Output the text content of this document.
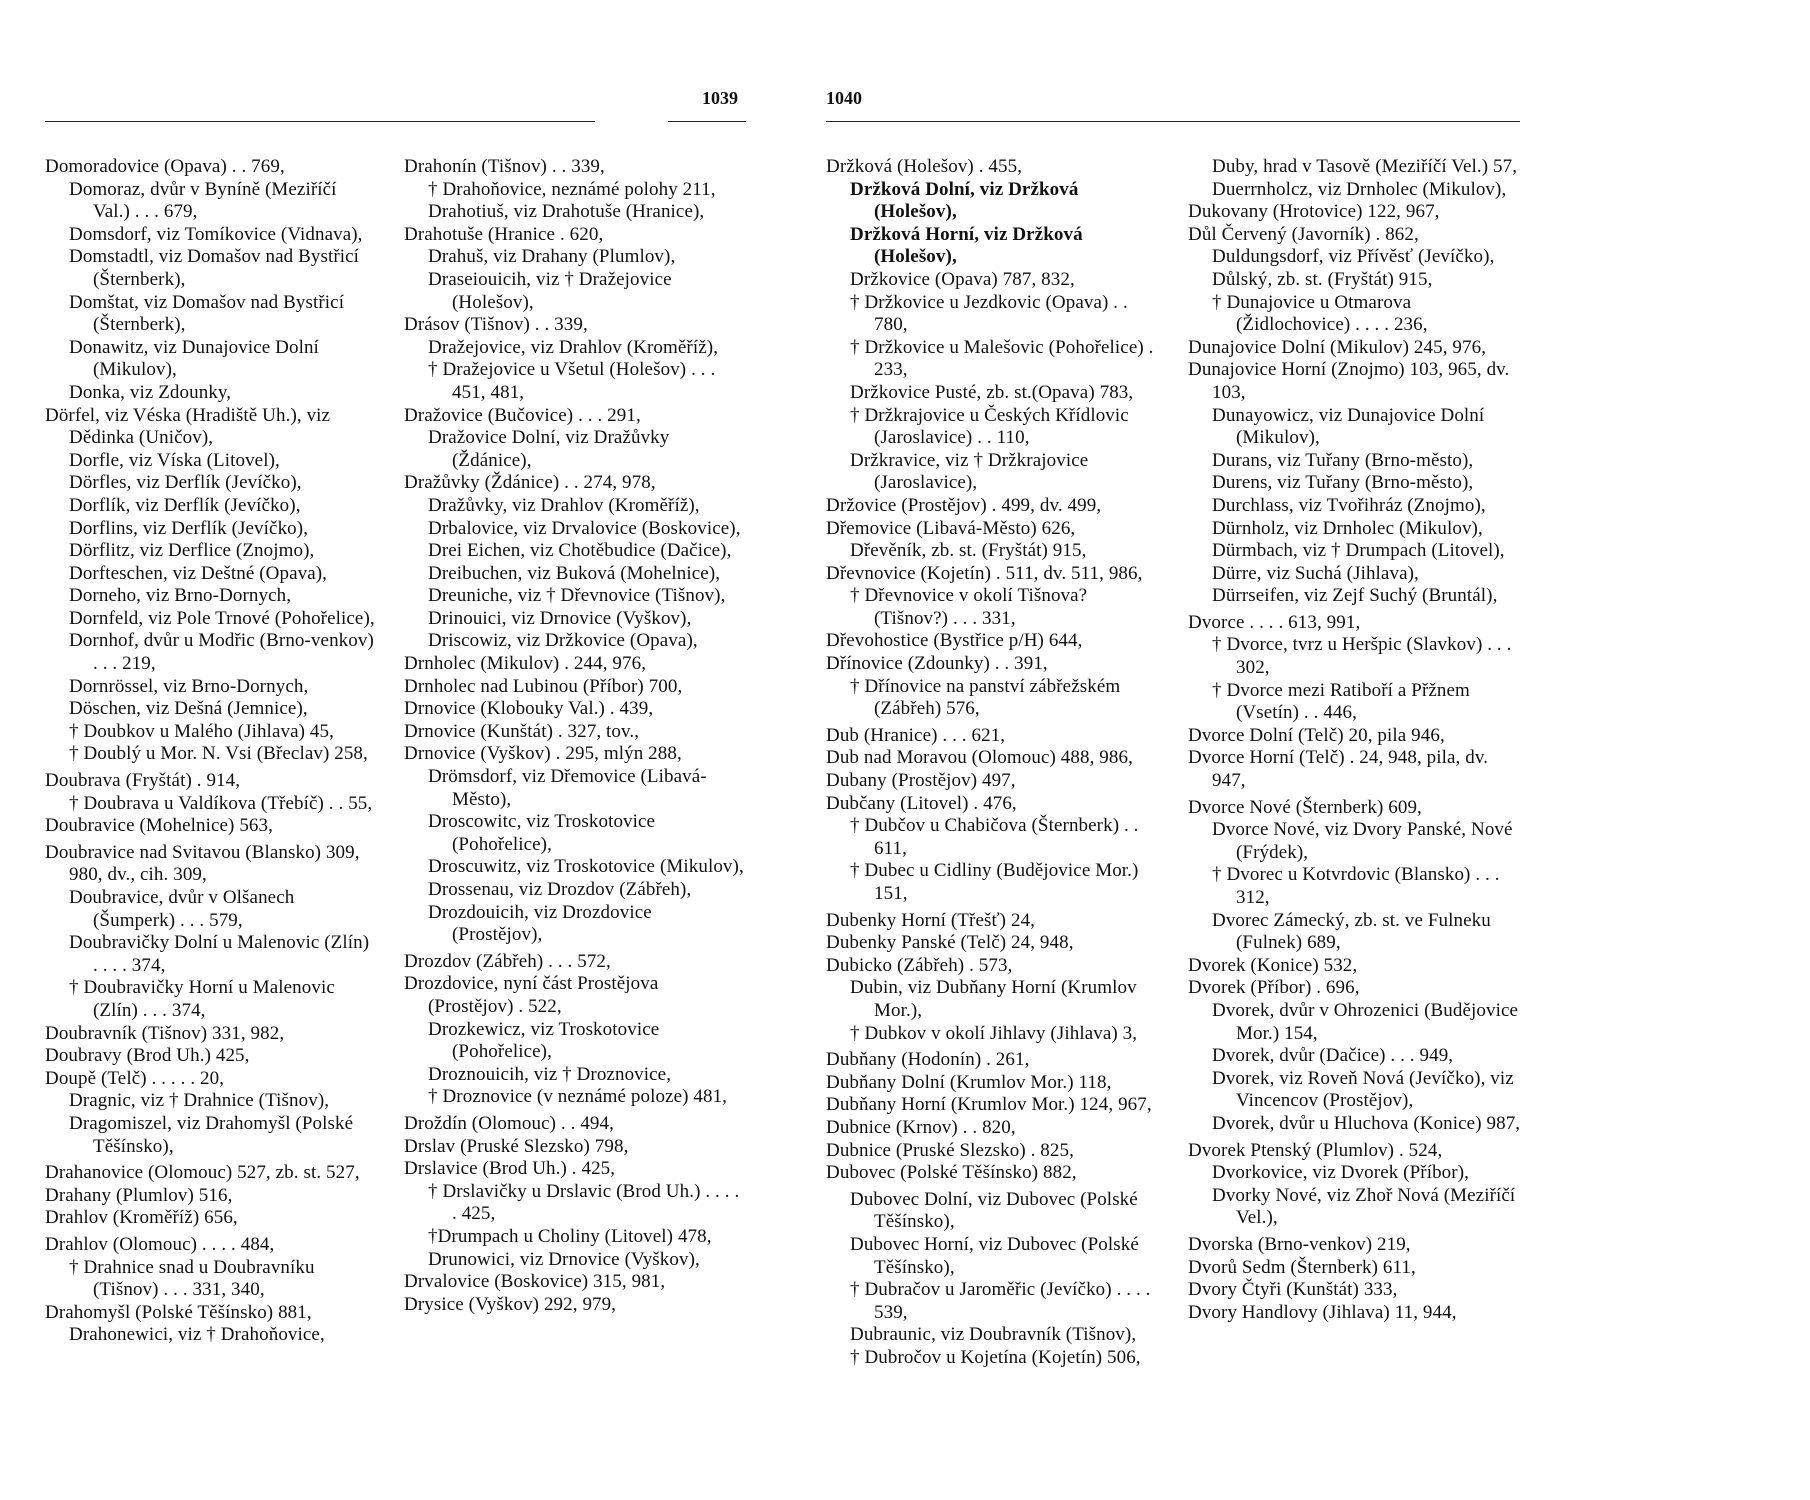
1039
Domoradovice (Opava) . . 769,
Domoraz, dvůr v Byníně (Meziříčí Val.) . . . 679,
Domsdorf, viz Tomíkovice (Vidnava),
Domstadtl, viz Domašov nad Bystřicí (Šternberk),
Domštat, viz Domašov nad Bystřicí (Šternberk),
Donawitz, viz Dunajovice Dolní (Mikulov),
Donka, viz Zdounky,
Dörfel, viz Véska (Hradiště Uh.), viz Dědinka (Uničov),
Dorfle, viz Víska (Litovel),
Dörfles, viz Derflík (Jevíčko),
Dorflík, viz Derflík (Jevíčko),
Dorflins, viz Derflík (Jevíčko),
Dörflitz, viz Derflice (Znojmo),
Dorfteschen, viz Deštné (Opava),
Dorneho, viz Brno-Dornych,
Dornfeld, viz Pole Trnové (Pohořelice),
Dornhof, dvůr u Modřic (Brno-venkov) . . . 219,
Dornrössel, viz Brno-Dornych,
Döschen, viz Dešná (Jemnice),
† Doubkov u Malého (Jihlava) 45,
† Doublý u Mor. N. Vsi (Břeclav) 258,
Doubrava (Fryštát) . 914,
† Doubrava u Valdíkova (Třebíč) . . 55,
Doubravice (Mohelnice) 563,
Doubravice nad Svitavou (Blansko) 309, 980, dv., cih. 309,
Doubravice, dvůr v Olšanech (Šumperk) . . . 579,
Doubravičky Dolní u Malenovic (Zlín) . . . . 374,
† Doubravičky Horní u Malenovic (Zlín) . . . 374,
Doubravník (Tišnov) 331, 982,
Doubravy (Brod Uh.) 425,
Doupě (Telč) . . . . . 20,
Dragnic, viz † Drahnice (Tišnov),
Dragomiszel, viz Drahomyšl (Polské Těšínsko),
Drahanovice (Olomouc) 527, zb. st. 527,
Drahany (Plumlov) 516,
Drahlov (Kroměříž) 656,
Drahlov (Olomouc) . . . . 484,
† Drahnice snad u Doubravníku (Tišnov) . . . 331, 340,
Drahomyšl (Polské Těšínsko) 881,
Drahonewici, viz † Drahoňovice,
Drahonín (Tišnov) . . 339,
† Drahoňovice, neznámé polohy 211,
Drahotiuš, viz Drahotuše (Hranice),
Drahotuše (Hranice . 620,
Drahuš, viz Drahany (Plumlov),
Draseiouicih, viz † Dražejovice (Holešov),
Drásov (Tišnov) . . 339,
Dražejovice, viz Drahlov (Kroměříž),
† Dražejovice u Všetul (Holešov) . . . 451, 481,
Dražovice (Bučovice) . . . 291,
Dražovice Dolní, viz Dražůvky (Ždánice),
Dražůvky (Ždánice) . . 274, 978,
Dražůvky, viz Drahlov (Kroměříž),
Drbalovice, viz Drvalovice (Boskovice),
Drei Eichen, viz Chotěbudice (Dačice),
Dreibuchen, viz Buková (Mohelnice),
Dreuniche, viz † Dřevnovice (Tišnov),
Drinouici, viz Drnovice (Vyškov),
Driscowiz, viz Držkovice (Opava),
Drnholec (Mikulov) . 244, 976,
Drnholec nad Lubinou (Příbor) 700,
Drnovice (Klobouky Val.) . 439,
Drnovice (Kunštát) . 327, tov.,
Drnovice (Vyškov) . 295, mlýn 288,
Drömsdorf, viz Dřemovice (Libavá-Město),
Droscowitc, viz Troskotovice (Pohořelice),
Droscuwitz, viz Troskotovice (Mikulov),
Drossenau, viz Drozdov (Zábřeh),
Drozdouicih, viz Drozdovice (Prostějov),
Drozdov (Zábřeh) . . . 572,
Drozdovice, nyní část Prostějova (Prostějov) . 522,
Drozkewicz, viz Troskotovice (Pohořelice),
Droznouicih, viz † Droznovice,
† Droznovice (v neznámé poloze) 481,
Droždín (Olomouc) . . 494,
Drslav (Pruské Slezsko) 798,
Drslavice (Brod Uh.) . 425,
† Drslavičky u Drslavic (Brod Uh.) . . . . . 425,
†Drumpach u Choliny (Litovel) 478,
Drunowici, viz Drnovice (Vyškov),
Drvalovice (Boskovice) 315, 981,
Drysice (Vyškov) 292, 979,
1040
Držková (Holešov) . 455,
Držková Dolní, viz Držková (Holešov),
Držková Horní, viz Držková (Holešov),
Držkovice (Opava) 787, 832,
† Držkovice u Jezdkovic (Opava) . . 780,
† Držkovice u Malešovic (Pohořelice) . 233,
Držkovice Pusté, zb. st.(Opava) 783,
† Držkrajovice u Českých Křídlovic (Jaroslavice) . . 110,
Držkravice, viz † Držkrajovice (Jaroslavice),
Držovice (Prostějov) . 499, dv. 499,
Dřemovice (Libavá-Město) 626,
Dřevěník, zb. st. (Fryštát) 915,
Dřevnovice (Kojetín) . 511, dv. 511, 986,
† Dřevnovice v okolí Tišnova? (Tišnov?) . . . 331,
Dřevohostice (Bystřice p/H) 644,
Dřínovice (Zdounky) . . 391,
† Dřínovice na panství zábřežském (Zábřeh) 576,
Dub (Hranice) . . . 621,
Dub nad Moravou (Olomouc) 488, 986,
Dubany (Prostějov) 497,
Dubčany (Litovel) . 476,
† Dubčov u Chabičova (Šternberk) . . 611,
† Dubec u Cidliny (Budějovice Mor.) 151,
Dubenky Horní (Třešť) 24,
Dubenky Panské (Telč) 24, 948,
Dubicko (Zábřeh) . 573,
Dubin, viz Dubňany Horní (Krumlov Mor.),
† Dubkov v okolí Jihlavy (Jihlava) 3,
Dubňany (Hodonín) . 261,
Dubňany Dolní (Krumlov Mor.) 118,
Dubňany Horní (Krumlov Mor.) 124, 967,
Dubnice (Krnov) . . 820,
Dubnice (Pruské Slezsko) . 825,
Dubovec (Polské Těšínsko) 882,
Dubovec Dolní, viz Dubovec (Polské Těšínsko),
Dubovec Horní, viz Dubovec (Polské Těšínsko),
† Dubračov u Jaroměřic (Jevíčko) . . . . 539,
Dubraunic, viz Doubravník (Tišnov),
† Dubročov u Kojetína (Kojetín) 506,
Duby, hrad v Tasově (Meziříčí Vel.) 57,
Duerrnholcz, viz Drnholec (Mikulov),
Dukovany (Hrotovice) 122, 967,
Důl Červený (Javorník) . 862,
Duldungsdorf, viz Přívěsť (Jevíčko),
Důlský, zb. st. (Fryštát) 915,
† Dunajovice u Otmarova (Židlochovice) . . . . 236,
Dunajovice Dolní (Mikulov) 245, 976,
Dunajovice Horní (Znojmo) 103, 965, dv. 103,
Dunayowicz, viz Dunajovice Dolní (Mikulov),
Durans, viz Tuřany (Brno-město),
Durens, viz Tuřany (Brno-město),
Durchlass, viz Tvořihráz (Znojmo),
Dürnholz, viz Drnholec (Mikulov),
Dürmbach, viz † Drumpach (Litovel),
Dürre, viz Suchá (Jihlava),
Dürrseifen, viz Zejf Suchý (Bruntál),
Dvorce . . . . 613, 991,
† Dvorce, tvrz u Heršpic (Slavkov) . . . 302,
† Dvorce mezi Ratiboří a Přžnem (Vsetín) . . 446,
Dvorce Dolní (Telč) 20, pila 946,
Dvorce Horní (Telč) . 24, 948, pila, dv. 947,
Dvorce Nové (Šternberk) 609,
Dvorce Nové, viz Dvory Panské, Nové (Frýdek),
† Dvorec u Kotvrdovic (Blansko) . . . 312,
Dvorec Zámecký, zb. st. ve Fulneku (Fulnek) 689,
Dvorek (Konice) 532,
Dvorek (Příbor) . 696,
Dvorek, dvůr v Ohrozenici (Budějovice Mor.) 154,
Dvorek, dvůr (Dačice) . . . 949,
Dvorek, viz Roveň Nová (Jevíčko), viz Vincencov (Prostějov),
Dvorek, dvůr u Hluchova (Konice) 987,
Dvorek Ptenský (Plumlov) . 524,
Dvorkovice, viz Dvorek (Příbor),
Dvorky Nové, viz Zhoř Nová (Meziříčí Vel.),
Dvorska (Brno-venkov) 219,
Dvorů Sedm (Šternberk) 611,
Dvory Čtyři (Kunštát) 333,
Dvory Handlovy (Jihlava) 11, 944,
